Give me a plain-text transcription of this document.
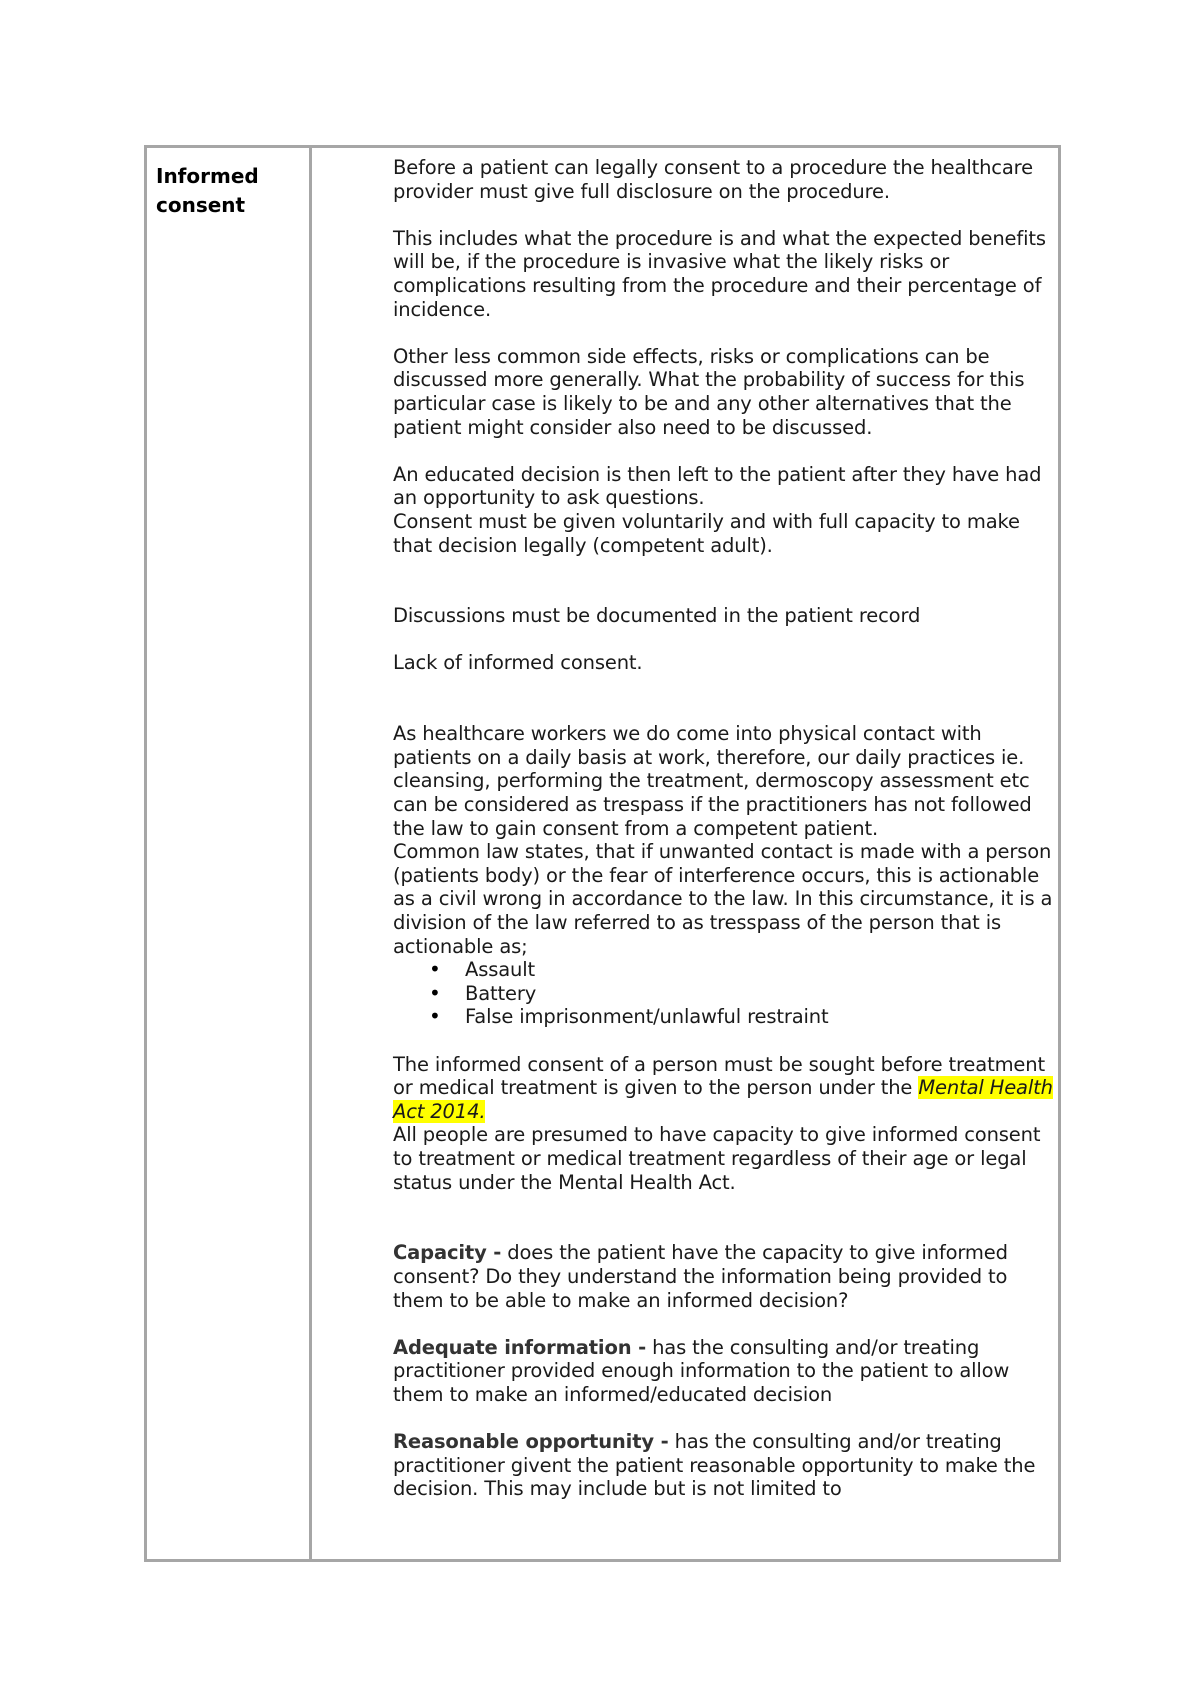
Informed consent

Before a patient can legally consent to a procedure the healthcare provider must give full disclosure on the procedure.

This includes what the procedure is and what the expected benefits will be, if the procedure is invasive what the likely risks or complications resulting from the procedure and their percentage of incidence.

Other less common side effects, risks or complications can be discussed more generally. What the probability of success for this particular case is likely to be and any other alternatives that the patient might consider also need to be discussed.

An educated decision is then left to the patient after they have had an opportunity to ask questions.

Consent must be given voluntarily and with full capacity to make that decision legally (competent adult).

Discussions must be documented in the patient record

Lack of informed consent.

As healthcare workers we do come into physical contact with patients on a daily basis at work, therefore, our daily practices ie. cleansing, performing the treatment, dermoscopy assessment etc can be considered as trespass if the practitioners has not followed the law to gain consent from a competent patient.

Common law states, that if unwanted contact is made with a person (patients body) or the fear of interference occurs, this is actionable as a civil wrong in accordance to the law. In this circumstance, it is a division of the law referred to as tresspass of the person that is actionable as;

• Assault
• Battery
• False imprisonment/unlawful restraint

The informed consent of a person must be sought before treatment or medical treatment is given to the person under the Mental Health Act 2014.

All people are presumed to have capacity to give informed consent to treatment or medical treatment regardless of their age or legal status under the Mental Health Act.

Capacity - does the patient have the capacity to give informed consent? Do they understand the information being provided to them to be able to make an informed decision?

Adequate information - has the consulting and/or treating practitioner provided enough information to the patient to allow them to make an informed/educated decision

Reasonable opportunity - has the consulting and/or treating practitioner givent the patient reasonable opportunity to make the decision. This may include but is not limited to
